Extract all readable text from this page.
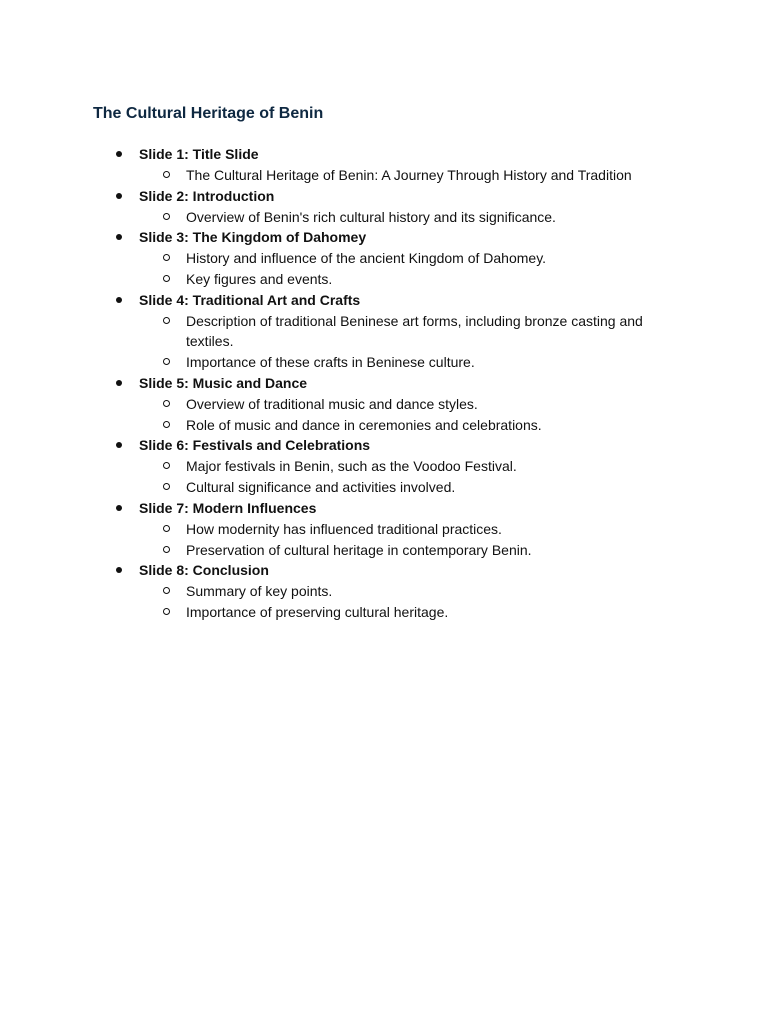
The Cultural Heritage of Benin
Slide 1: Title Slide
The Cultural Heritage of Benin: A Journey Through History and Tradition
Slide 2: Introduction
Overview of Benin's rich cultural history and its significance.
Slide 3: The Kingdom of Dahomey
History and influence of the ancient Kingdom of Dahomey.
Key figures and events.
Slide 4: Traditional Art and Crafts
Description of traditional Beninese art forms, including bronze casting and textiles.
Importance of these crafts in Beninese culture.
Slide 5: Music and Dance
Overview of traditional music and dance styles.
Role of music and dance in ceremonies and celebrations.
Slide 6: Festivals and Celebrations
Major festivals in Benin, such as the Voodoo Festival.
Cultural significance and activities involved.
Slide 7: Modern Influences
How modernity has influenced traditional practices.
Preservation of cultural heritage in contemporary Benin.
Slide 8: Conclusion
Summary of key points.
Importance of preserving cultural heritage.
